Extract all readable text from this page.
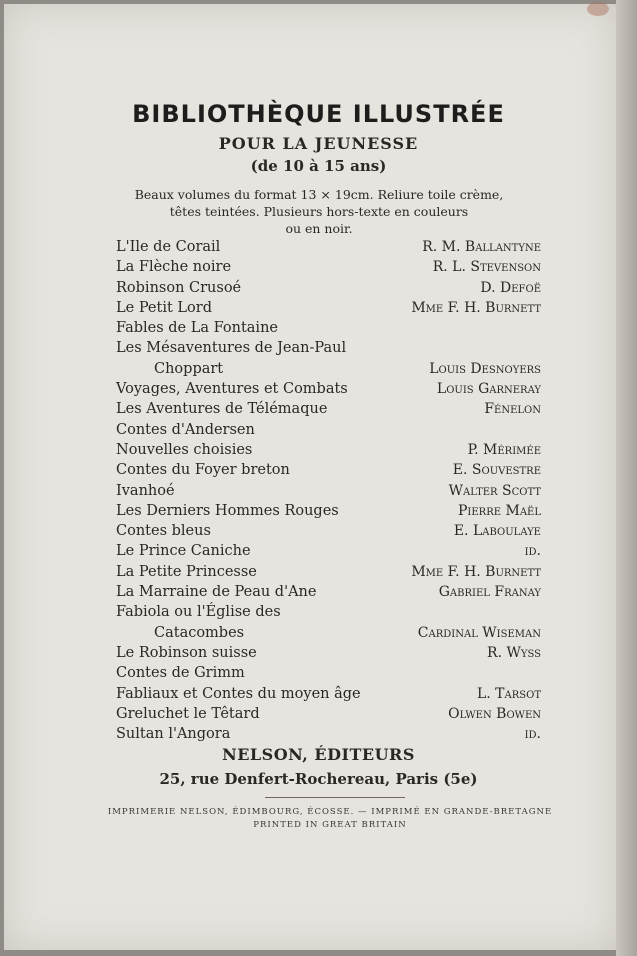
BIBLIOTHÈQUE ILLUSTRÉE
POUR LA JEUNESSE
(de 10 à 15 ans)
Beaux volumes du format 13 × 19cm. Reliure toile crème,
têtes teintées. Plusieurs hors-texte en couleurs
ou en noir.
L'Ile de Corail	R. M. Ballantyne
La Flèche noire	R. L. Stevenson
Robinson Crusoé	D. Defoë
Le Petit Lord	Mme F. H. Burnett
Fables de La Fontaine
Les Mésaventures de Jean-Paul
Choppart	Louis Desnoyers
Voyages, Aventures et Combats	Louis Garneray
Les Aventures de Télémaque	Fénelon
Contes d'Andersen
Nouvelles choisies	P. Mérimée
Contes du Foyer breton	E. Souvestre
Ivanhoé	Walter Scott
Les Derniers Hommes Rouges	Pierre Maël
Contes bleus	E. Laboulaye
Le Prince Caniche	id.
La Petite Princesse	Mme F. H. Burnett
La Marraine de Peau d'Ane	Gabriel Franay
Fabiola ou l'Église des
Catacombes	Cardinal Wiseman
Le Robinson suisse	R. Wyss
Contes de Grimm
Fabliaux et Contes du moyen âge	L. Tarsot
Greluchet le Têtard	Olwen Bowen
Sultan l'Angora	id.
NELSON, ÉDITEURS
25, rue Denfert-Rochereau, Paris (5e)
IMPRIMERIE NELSON, ÉDIMBOURG, ÉCOSSE. — IMPRIMÉ EN GRANDE-BRETAGNE
PRINTED IN GREAT BRITAIN
